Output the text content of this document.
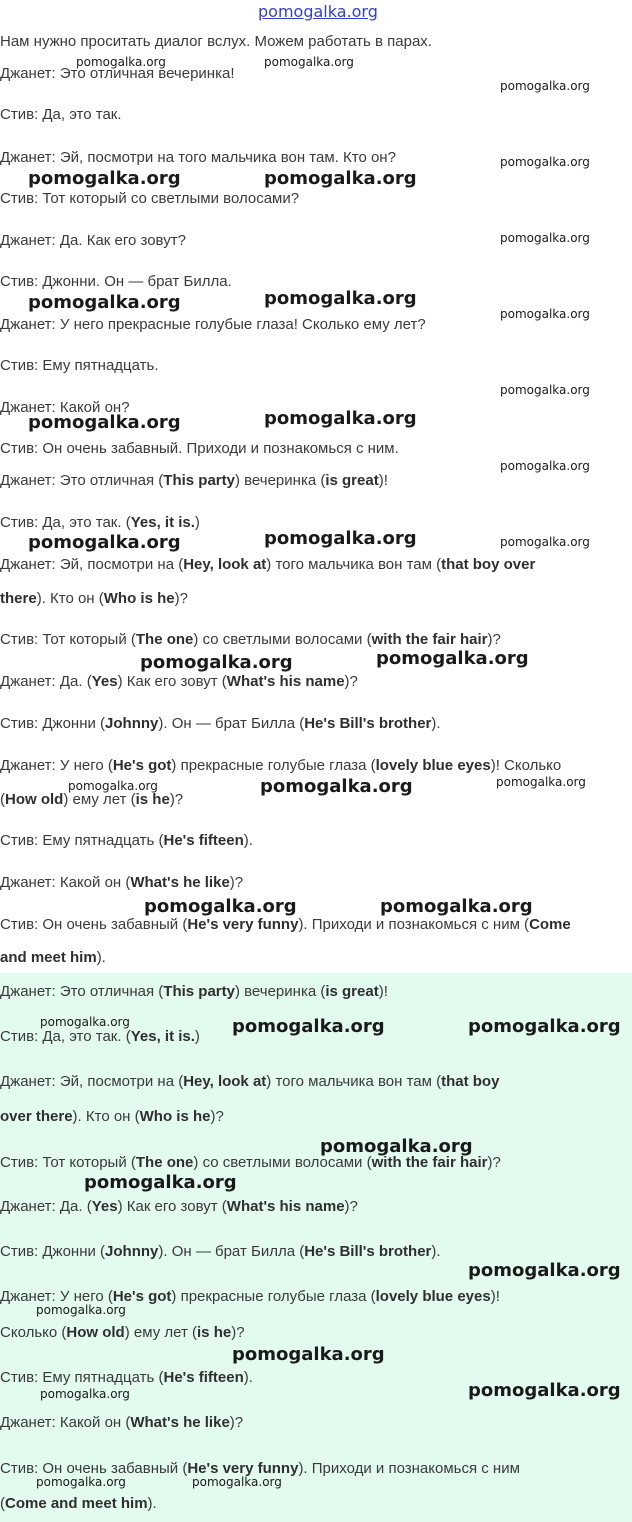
pomogalka.org

Нам нужно проситать диалог вслух. Можем работать в парах.

Джанет: Это отличная вечеринка!

Стив: Да, это так.

Джанет: Эй, посмотри на того мальчика вон там. Кто он?

Стив: Тот который со светлыми волосами?

Джанет: Да. Как его зовут?

Стив: Джонни. Он — брат Билла.

Джанет: У него прекрасные голубые глаза! Сколько ему лет?

Стив: Ему пятнадцать.

Джанет: Какой он?

Стив: Он очень забавный. Приходи и познакомься с ним.

Джанет: Это отличная (This party) вечеринка (is great)!

Стив: Да, это так. (Yes, it is.)

Джанет: Эй, посмотри на (Hey, look at) того мальчика вон там (that boy over

there). Кто он (Who is he)?

Стив: Тот который (The one) со светлыми волосами (with the fair hair)?

Джанет: Да. (Yes) Как его зовут (What's his name)?

Стив: Джонни (Johnny). Он — брат Билла (He's Bill's brother).

Джанет: У него (He's got) прекрасные голубые глаза (lovely blue eyes)! Сколько

(How old) ему лет (is he)?

Стив: Ему пятнадцать (He's fifteen).

Джанет: Какой он (What's he like)?

Стив: Он очень забавный (He's very funny). Приходи и познакомься с ним (Come

and meet him).

Джанет: Это отличная (This party) вечеринка (is great)!

Стив: Да, это так. (Yes, it is.)

Джанет: Эй, посмотри на (Hey, look at) того мальчика вон там (that boy

over there). Кто он (Who is he)?

Стив: Тот который (The one) со светлыми волосами (with the fair hair)?

Джанет: Да. (Yes) Как его зовут (What's his name)?

Стив: Джонни (Johnny). Он — брат Билла (He's Bill's brother).

Джанет: У него (He's got) прекрасные голубые глаза (lovely blue eyes)!

Сколько (How old) ему лет (is he)?

Стив: Ему пятнадцать (He's fifteen).

Джанет: Какой он (What's he like)?

Стив: Он очень забавный (He's very funny). Приходи и познакомься с ним

(Come and meet him).

pomogalka.org	pomogalka.org
pomogalka.org
pomogalka.org
pomogalka.org	pomogalka.org
pomogalka.org
pomogalka.org	pomogalka.org
pomogalka.org
pomogalka.org
pomogalka.org	pomogalka.org
pomogalka.org
pomogalka.org	pomogalka.org	pomogalka.org
pomogalka.org	pomogalka.org
pomogalka.org	pomogalka.org	pomogalka.org
pomogalka.org	pomogalka.org
pomogalka.org	pomogalka.org	pomogalka.org
pomogalka.org
pomogalka.org
pomogalka.org
pomogalka.org
pomogalka.org
pomogalka.org	pomogalka.org
pomogalka.org	pomogalka.org
